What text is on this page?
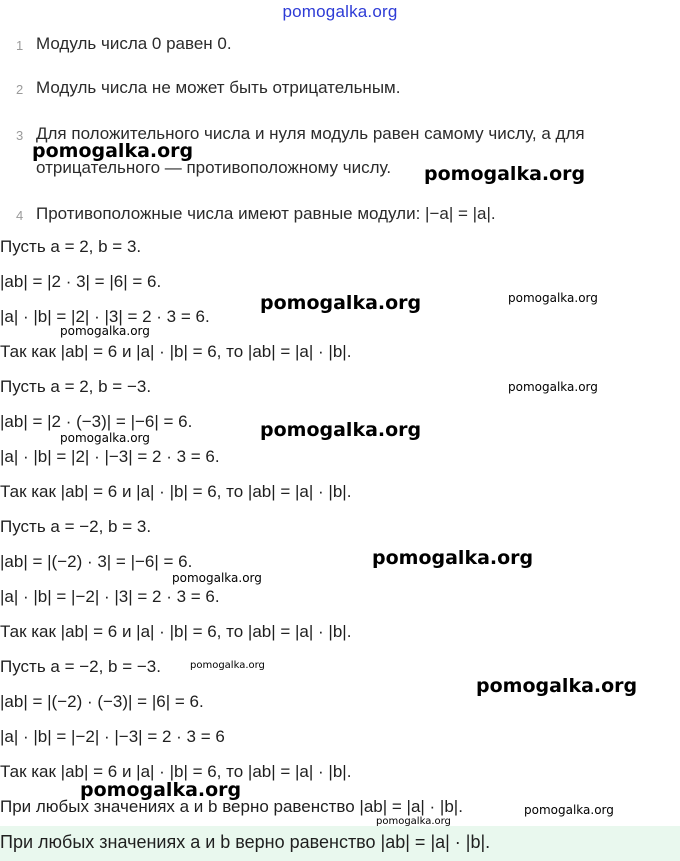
pomogalka.org
1 Модуль числа 0 равен 0.
2 Модуль числа не может быть отрицательным.
3 Для положительного числа и нуля модуль равен самому числу, а для
отрицательного — противоположному числу.
4 Противоположные числа имеют равные модули: |−a| = |a|.
Пусть a = 2, b = 3.
|ab| = |2 · 3| = |6| = 6.
|a| · |b| = |2| · |3| = 2 · 3 = 6.
Так как |ab| = 6 и |a| · |b| = 6, то |ab| = |a| · |b|.
Пусть a = 2, b = −3.
|ab| = |2 · (−3)| = |−6| = 6.
|a| · |b| = |2| · |−3| = 2 · 3 = 6.
Так как |ab| = 6 и |a| · |b| = 6, то |ab| = |a| · |b|.
Пусть a = −2, b = 3.
|ab| = |(−2) · 3| = |−6| = 6.
|a| · |b| = |−2| · |3| = 2 · 3 = 6.
Так как |ab| = 6 и |a| · |b| = 6, то |ab| = |a| · |b|.
Пусть a = −2, b = −3.
|ab| = |(−2) · (−3)| = |6| = 6.
|a| · |b| = |−2| · |−3| = 2 · 3 = 6
Так как |ab| = 6 и |a| · |b| = 6, то |ab| = |a| · |b|.
При любых значениях a и b верно равенство |ab| = |a| · |b|.
При любых значениях a и b верно равенство |ab| = |a| · |b|.
pomogalka.org
pomogalka.org
pomogalka.org	pomogalka.org
pomogalka.org
pomogalka.org
pomogalka.org
pomogalka.org
pomogalka.org
pomogalka.org
pomogalka.org
pomogalka.org
pomogalka.org
pomogalka.org
pomogalka.org
